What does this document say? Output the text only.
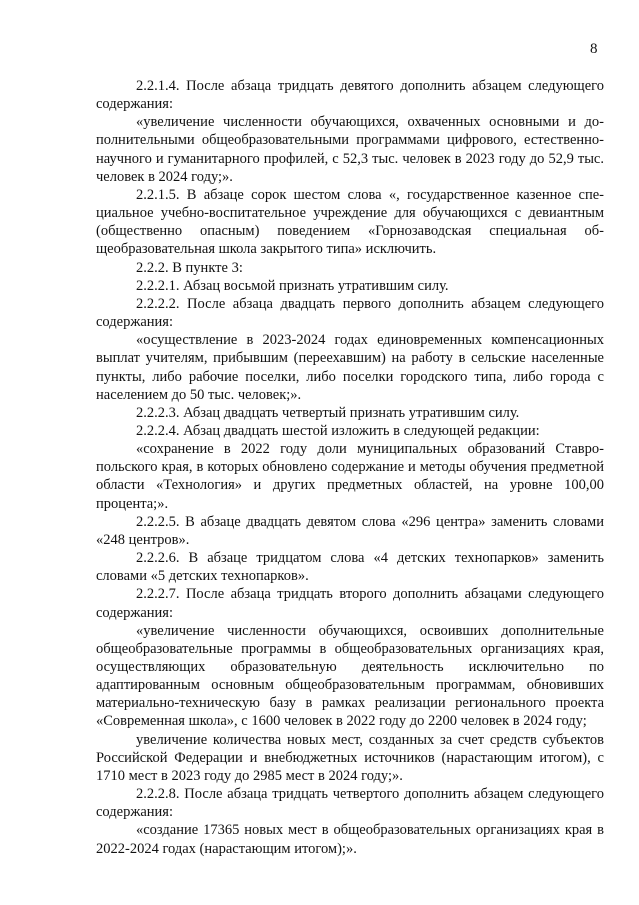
8

2.2.1.4. После абзаца тридцать девятого дополнить абзацем следующего содержания:

«увеличение численности обучающихся, охваченных основными и дополнительными общеобразовательными программами цифрового, естественно-научного и гуманитарного профилей, с 52,3 тыс. человек в 2023 году до 52,9 тыс. человек в 2024 году;».

2.2.1.5. В абзаце сорок шестом слова «, государственное казенное специальное учебно-воспитательное учреждение для обучающихся с девиантным (общественно опасным) поведением «Горнозаводская специальная общеобразовательная школа закрытого типа» исключить.

2.2.2. В пункте 3:

2.2.2.1. Абзац восьмой признать утратившим силу.

2.2.2.2. После абзаца двадцать первого дополнить абзацем следующего содержания:

«осуществление в 2023-2024 годах единовременных компенсационных выплат учителям, прибывшим (переехавшим) на работу в сельские населенные пункты, либо рабочие поселки, либо поселки городского типа, либо города с населением до 50 тыс. человек;».

2.2.2.3. Абзац двадцать четвертый признать утратившим силу.

2.2.2.4. Абзац двадцать шестой изложить в следующей редакции:

«сохранение в 2022 году доли муниципальных образований Ставропольского края, в которых обновлено содержание и методы обучения предметной области «Технология» и других предметных областей, на уровне 100,00 процента;».

2.2.2.5. В абзаце двадцать девятом слова «296 центра» заменить словами «248 центров».

2.2.2.6. В абзаце тридцатом слова «4 детских технопарков» заменить словами «5 детских технопарков».

2.2.2.7. После абзаца тридцать второго дополнить абзацами следующего содержания:

«увеличение численности обучающихся, освоивших дополнительные общеобразовательные программы в общеобразовательных организациях края, осуществляющих образовательную деятельность исключительно по адаптированным основным общеобразовательным программам, обновивших материально-техническую базу в рамках реализации регионального проекта «Современная школа», с 1600 человек в 2022 году до 2200 человек в 2024 году;

увеличение количества новых мест, созданных за счет средств субъектов Российской Федерации и внебюджетных источников (нарастающим итогом), с 1710 мест в 2023 году до 2985 мест в 2024 году;».

2.2.2.8. После абзаца тридцать четвертого дополнить абзацем следующего содержания:

«создание 17365 новых мест в общеобразовательных организациях края в 2022-2024 годах (нарастающим итогом);».
